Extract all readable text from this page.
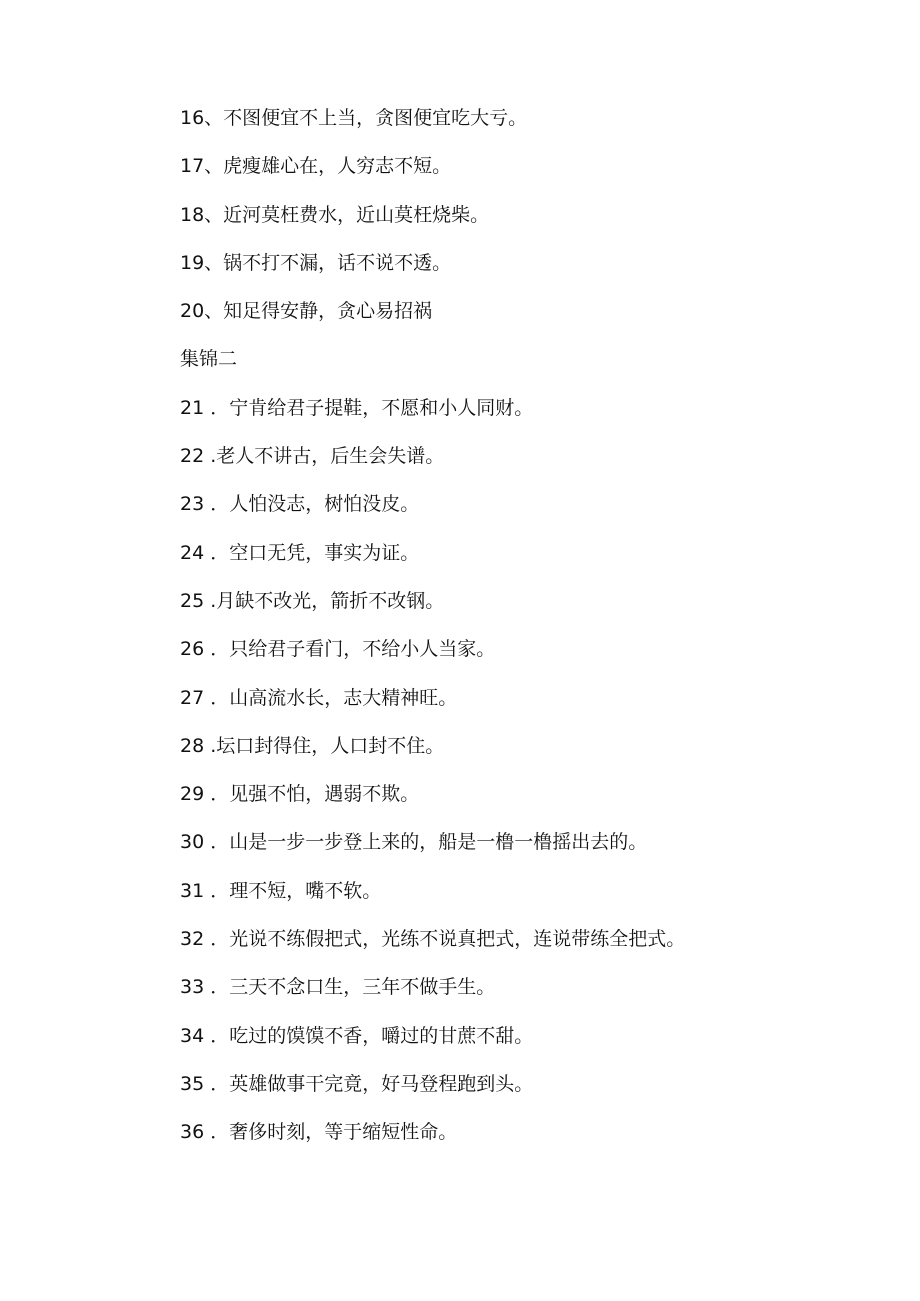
16、不图便宜不上当，贪图便宜吃大亏。
17、虎瘦雄心在，人穷志不短。
18、近河莫枉费水，近山莫枉烧柴。
19、锅不打不漏，话不说不透。
20、知足得安静，贪心易招祸
集锦二
21 ．宁肯给君子提鞋，不愿和小人同财。
22 .老人不讲古，后生会失谱。
23 ．人怕没志，树怕没皮。
24 ．空口无凭，事实为证。
25 .月缺不改光，箭折不改钢。
26 ．只给君子看门，不给小人当家。
27 ．山高流水长，志大精神旺。
28 .坛口封得住，人口封不住。
29 ．见强不怕，遇弱不欺。
30 ．山是一步一步登上来的，船是一橹一橹摇出去的。
31 ．理不短，嘴不软。
32 ．光说不练假把式，光练不说真把式，连说带练全把式。
33 ．三天不念口生，三年不做手生。
34 ．吃过的馍馍不香，嚼过的甘蔗不甜。
35 ．英雄做事干完竟，好马登程跑到头。
36 ．奢侈时刻，等于缩短性命。
